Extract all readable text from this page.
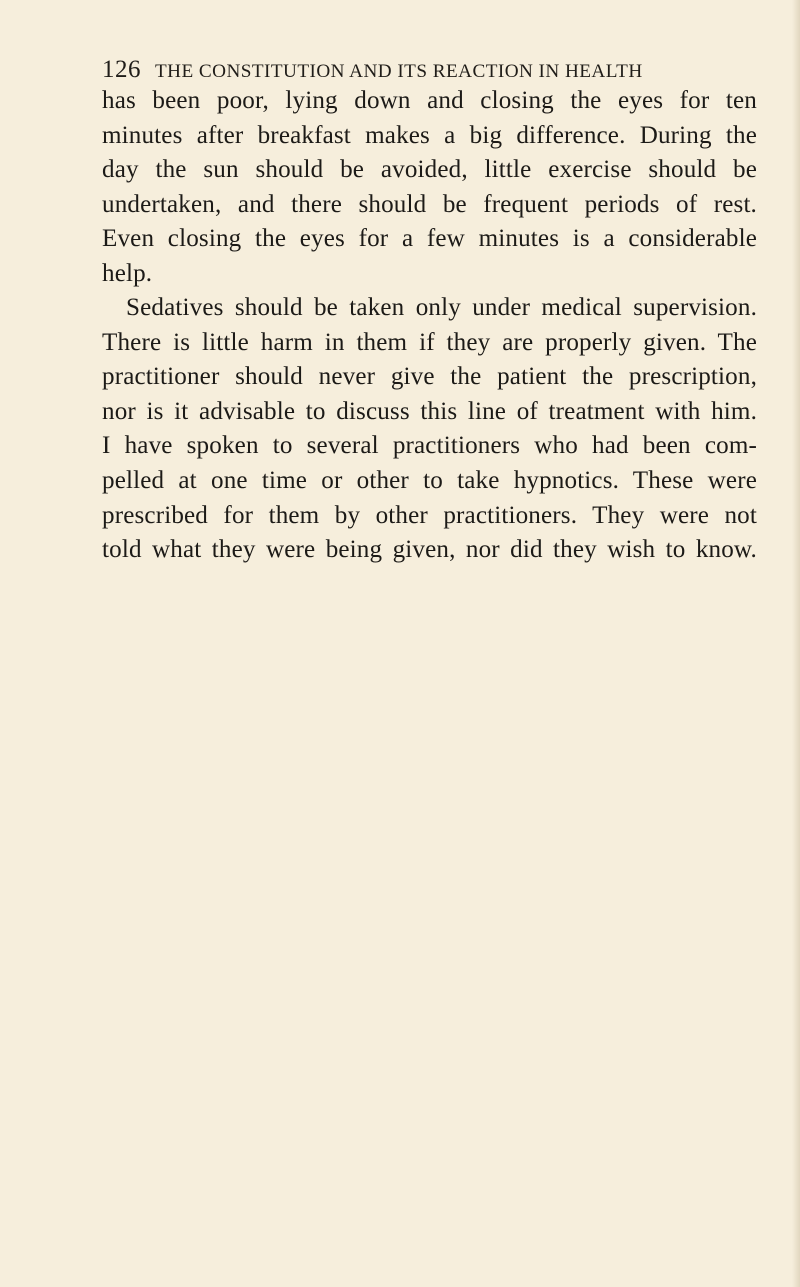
126 THE CONSTITUTION AND ITS REACTION IN HEALTH
has been poor, lying down and closing the eyes for ten
minutes after breakfast makes a big difference. During the
day the sun should be avoided, little exercise should be
undertaken, and there should be frequent periods of rest.
Even closing the eyes for a few minutes is a considerable
help.
Sedatives should be taken only under medical supervision.
There is little harm in them if they are properly given. The
practitioner should never give the patient the prescription,
nor is it advisable to discuss this line of treatment with him.
I have spoken to several practitioners who had been com-
pelled at one time or other to take hypnotics. These were
prescribed for them by other practitioners. They were not
told what they were being given, nor did they wish to know.
